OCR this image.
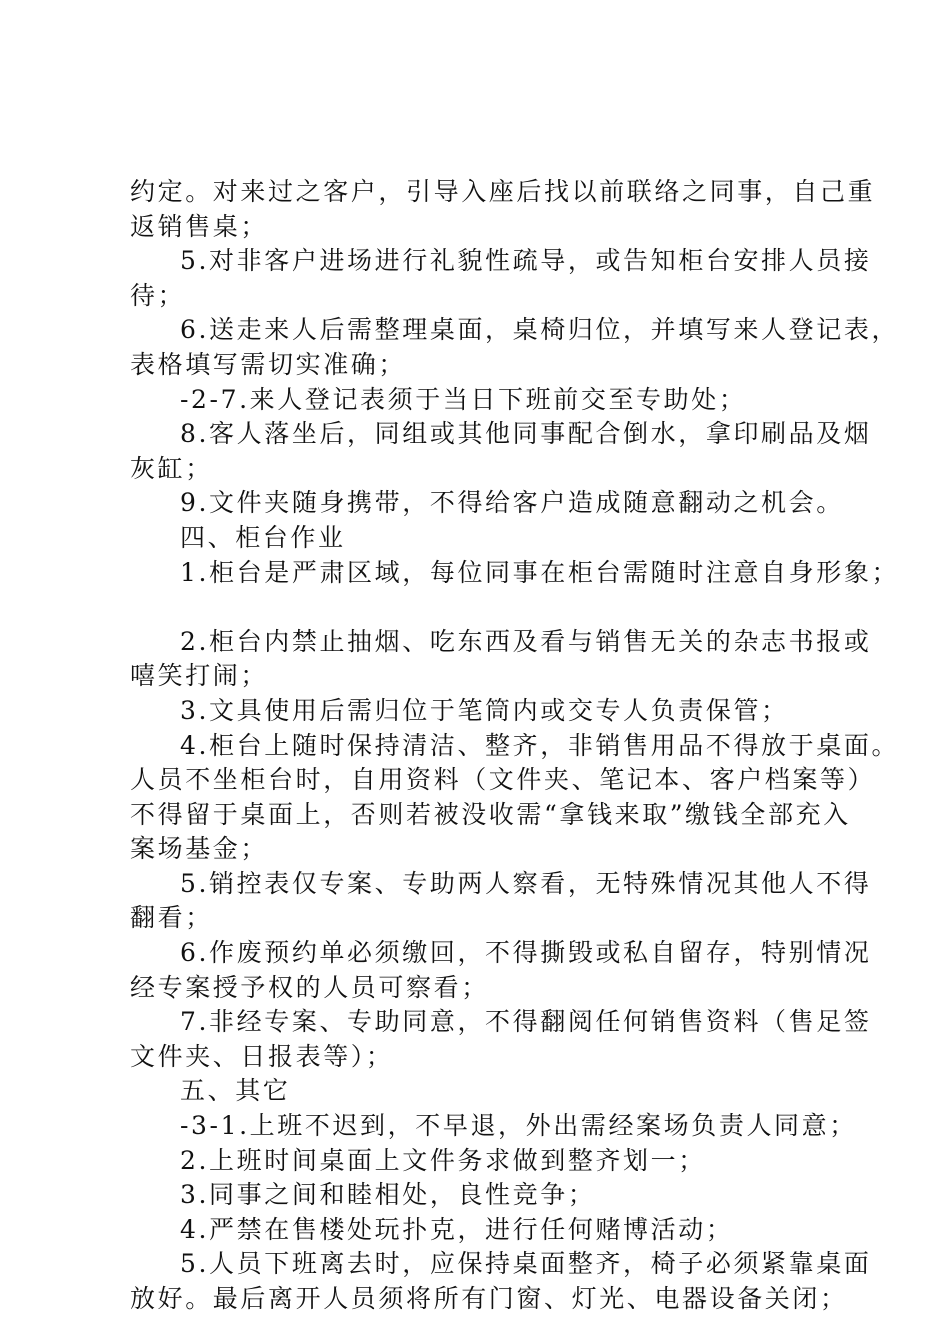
约定。对来过之客户，引导入座后找以前联络之同事，自己重
返销售桌；
5.对非客户进场进行礼貌性疏导，或告知柜台安排人员接
待；
6.送走来人后需整理桌面，桌椅归位，并填写来人登记表，
表格填写需切实准确；
-2-7.来人登记表须于当日下班前交至专助处；
8.客人落坐后，同组或其他同事配合倒水，拿印刷品及烟
灰缸；
9.文件夹随身携带，不得给客户造成随意翻动之机会。
四、柜台作业
1.柜台是严肃区域，每位同事在柜台需随时注意自身形象；
2.柜台内禁止抽烟、吃东西及看与销售无关的杂志书报或
嘻笑打闹；
3.文具使用后需归位于笔筒内或交专人负责保管；
4.柜台上随时保持清洁、整齐，非销售用品不得放于桌面。
人员不坐柜台时，自用资料（文件夹、笔记本、客户档案等）
不得留于桌面上，否则若被没收需“拿钱来取”缴钱全部充入
案场基金；
5.销控表仅专案、专助两人察看，无特殊情况其他人不得
翻看；
6.作废预约单必须缴回，不得撕毁或私自留存，特别情况
经专案授予权的人员可察看；
7.非经专案、专助同意，不得翻阅任何销售资料（售足签
文件夹、日报表等）；
五、其它
-3-1.上班不迟到，不早退，外出需经案场负责人同意；
2.上班时间桌面上文件务求做到整齐划一；
3.同事之间和睦相处，良性竞争；
4.严禁在售楼处玩扑克，进行任何赌博活动；
5.人员下班离去时，应保持桌面整齐，椅子必须紧靠桌面
放好。最后离开人员须将所有门窗、灯光、电器设备关闭；
